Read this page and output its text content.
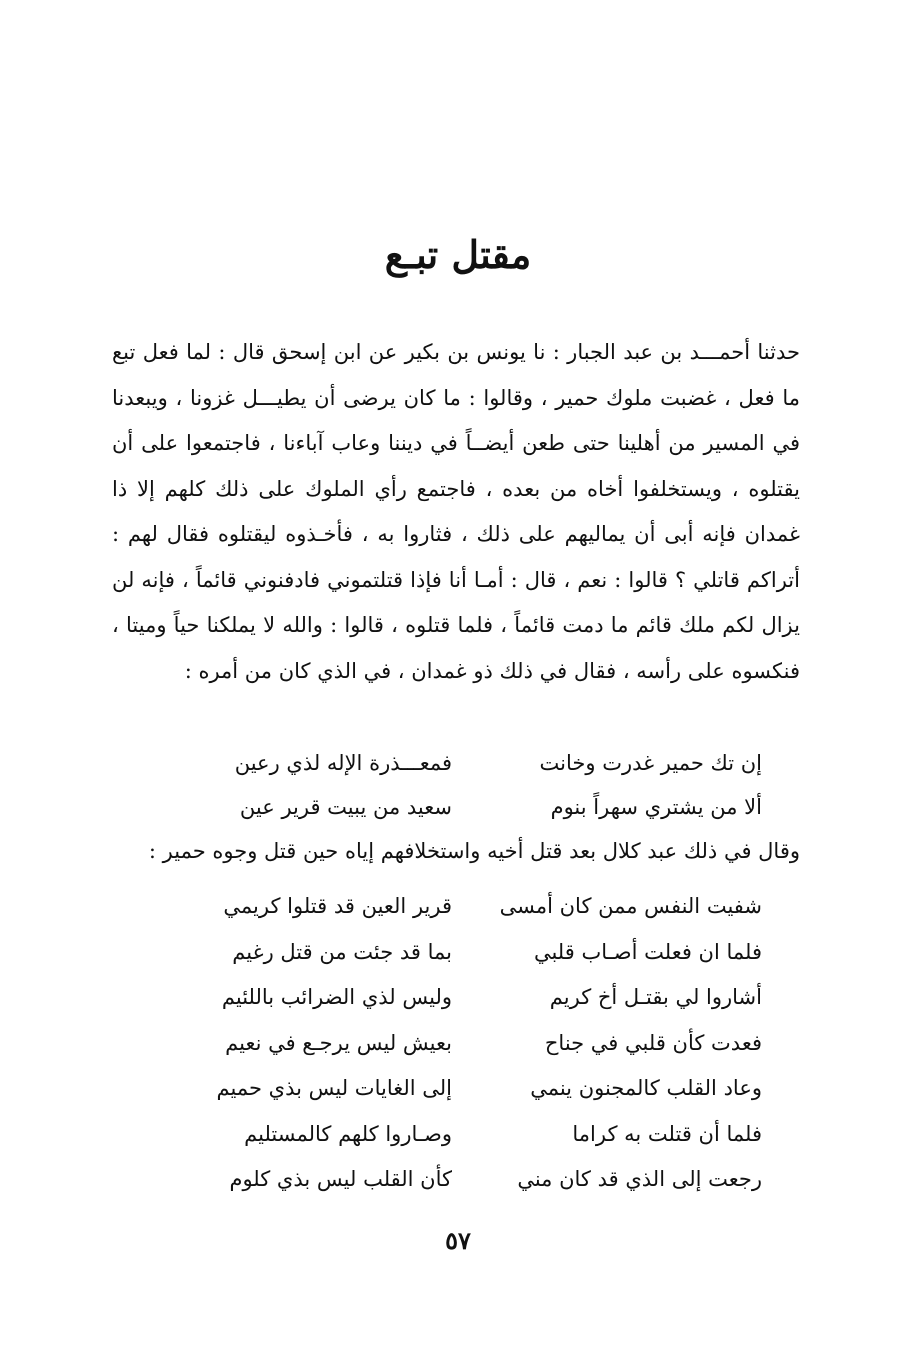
مقتل تبـع
حدثنا أحمـــد بن عبد الجبار : نا يونس بن بكير عن ابن إسحق قال : لما فعل تبع ما فعل ، غضبت ملوك حمير ، وقالوا : ما كان يرضى أن يطيـــل غزونا ، ويبعدنا في المسير من أهلينا حتى طعن أيضــاً في ديننا وعاب آباءنا ، فاجتمعوا على أن يقتلوه ، ويستخلفوا أخاه من بعده ، فاجتمع رأي الملوك على ذلك كلهم إلا ذا غمدان فإنه أبى أن يماليهم على ذلك ، فثاروا به ، فأخـذوه ليقتلوه فقال لهم : أتراكم قاتلي ؟ قالوا : نعم ، قال : أمـا أنا فإذا قتلتموني فادفنوني قائماً ، فإنه لن يزال لكم ملك قائم ما دمت قائماً ، فلما قتلوه ، قالوا : والله لا يملكنا حياً وميتا ، فنكسوه على رأسه ، فقال في ذلك ذو غمدان ، في الذي كان من أمره :
إن تك حمير غدرت وخانت
فمعـــذرة الإله لذي رعين
ألا من يشتري سهراً بنوم
سعيد من يبيت قرير عين
وقال في ذلك عبد كلال بعد قتل أخيه واستخلافهم إياه حين قتل وجوه حمير :
شفيت النفس ممن كان أمسى
قرير العين قد قتلوا كريمي
فلما ان فعلت أصـاب قلبي
بما قد جئت من قتل رغيم
أشاروا لي بقتـل أخ كريم
وليس لذي الضرائب باللئيم
فعدت كأن قلبي في جناح
بعيش ليس يرجـع في نعيم
وعاد القلب كالمجنون ينمي
إلى الغايات ليس بذي حميم
فلما أن قتلت به كراما
وصـاروا كلهم كالمستليم
رجعت إلى الذي قد كان مني
كأن القلب ليس بذي كلوم
٥٧
